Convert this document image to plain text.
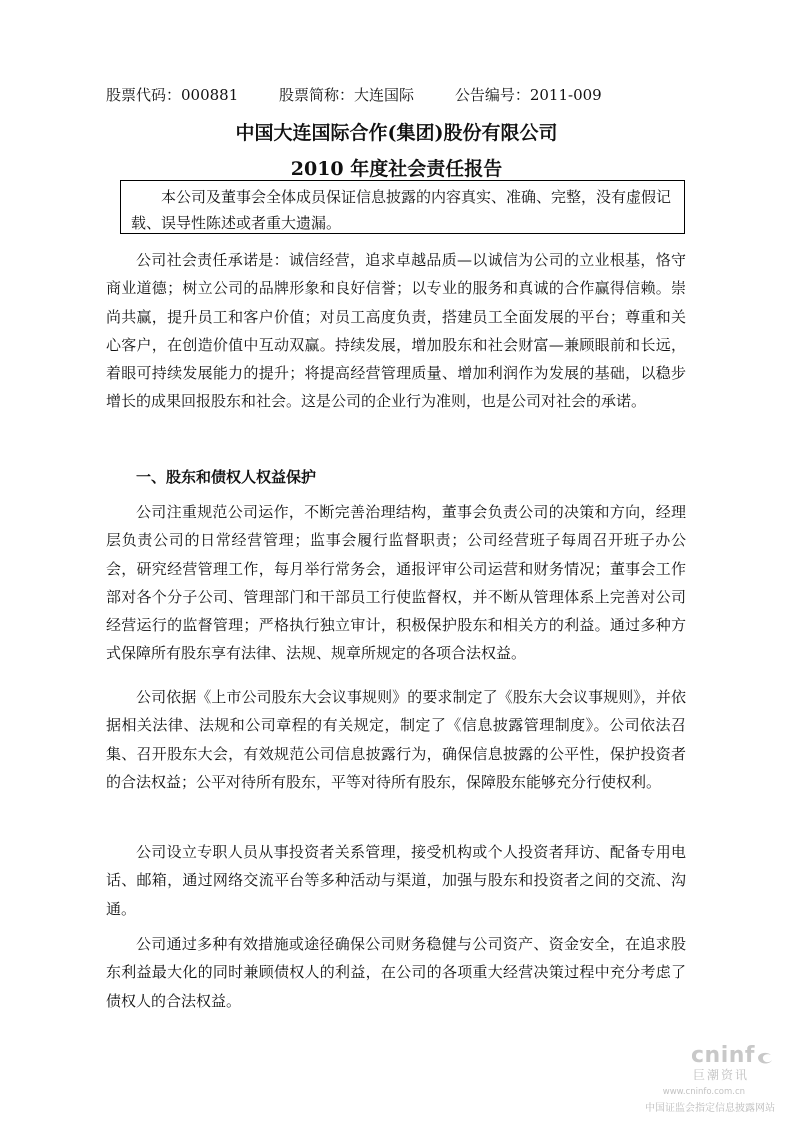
股票代码：000881	股票简称：大连国际	公告编号：2011-009
中国大连国际合作(集团)股份有限公司
2010 年度社会责任报告
本公司及董事会全体成员保证信息披露的内容真实、准确、完整，没有虚假记载、误导性陈述或者重大遗漏。

公司社会责任承诺是：诚信经营，追求卓越品质—以诚信为公司的立业根基，恪守商业道德；树立公司的品牌形象和良好信誉；以专业的服务和真诚的合作赢得信赖。崇尚共赢，提升员工和客户价值；对员工高度负责，搭建员工全面发展的平台；尊重和关心客户，在创造价值中互动双赢。持续发展，增加股东和社会财富—兼顾眼前和长远，着眼可持续发展能力的提升；将提高经营管理质量、增加利润作为发展的基础，以稳步增长的成果回报股东和社会。这是公司的企业行为准则，也是公司对社会的承诺。

一、股东和债权人权益保护

公司注重规范公司运作，不断完善治理结构，董事会负责公司的决策和方向，经理层负责公司的日常经营管理；监事会履行监督职责；公司经营班子每周召开班子办公会，研究经营管理工作，每月举行常务会，通报评审公司运营和财务情况；董事会工作部对各个分子公司、管理部门和干部员工行使监督权，并不断从管理体系上完善对公司经营运行的监督管理；严格执行独立审计，积极保护股东和相关方的利益。通过多种方式保障所有股东享有法律、法规、规章所规定的各项合法权益。

公司依据《上市公司股东大会议事规则》的要求制定了《股东大会议事规则》，并依据相关法律、法规和公司章程的有关规定，制定了《信息披露管理制度》。公司依法召集、召开股东大会，有效规范公司信息披露行为，确保信息披露的公平性，保护投资者的合法权益；公平对待所有股东，平等对待所有股东，保障股东能够充分行使权利。

公司设立专职人员从事投资者关系管理，接受机构或个人投资者拜访、配备专用电话、邮箱，通过网络交流平台等多种活动与渠道，加强与股东和投资者之间的交流、沟通。

公司通过多种有效措施或途径确保公司财务稳健与公司资产、资金安全，在追求股东利益最大化的同时兼顾债权人的利益，在公司的各项重大经营决策过程中充分考虑了债权人的合法权益。

cninf
巨潮资讯
www.cninfo.com.cn
中国证监会指定信息披露网站
